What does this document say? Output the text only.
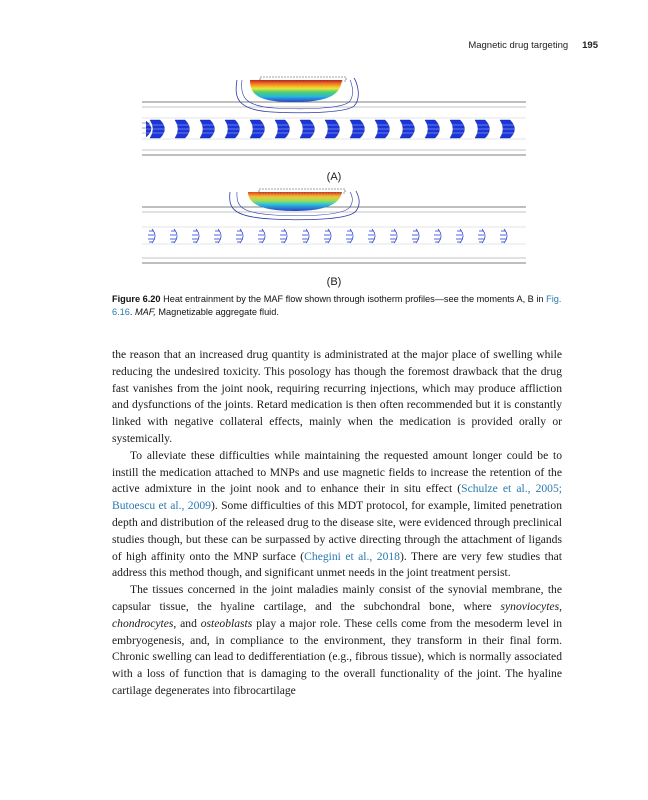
Magnetic drug targeting 195
(A)
(B)
Figure 6.20 Heat entrainment by the MAF flow shown through isotherm profiles—see the moments A, B in Fig. 6.16. MAF, Magnetizable aggregate fluid.

the reason that an increased drug quantity is administrated at the major place of swelling while reducing the undesired toxicity. This posology has though the foremost drawback that the drug fast vanishes from the joint nook, requiring recurring injections, which may produce affliction and dysfunctions of the joints. Retard medication is then often recommended but it is constantly linked with negative collateral effects, mainly when the medication is provided orally or systemically.

To alleviate these difficulties while maintaining the requested amount longer could be to instill the medication attached to MNPs and use magnetic fields to increase the retention of the active admixture in the joint nook and to enhance their in situ effect (Schulze et al., 2005; Butoescu et al., 2009). Some difficulties of this MDT protocol, for example, limited penetration depth and distribution of the released drug to the disease site, were evidenced through preclinical studies though, but these can be surpassed by active directing through the attachment of ligands of high affinity onto the MNP surface (Chegini et al., 2018). There are very few studies that address this method though, and significant unmet needs in the joint treatment persist.

The tissues concerned in the joint maladies mainly consist of the synovial membrane, the capsular tissue, the hyaline cartilage, and the subchondral bone, where synoviocytes, chondrocytes, and osteoblasts play a major role. These cells come from the mesoderm level in embryogenesis, and, in compliance to the environment, they transform in their final form. Chronic swelling can lead to dedifferentiation (e.g., fibrous tissue), which is normally associated with a loss of function that is damaging to the overall functionality of the joint. The hyaline cartilage degenerates into fibrocartilage
